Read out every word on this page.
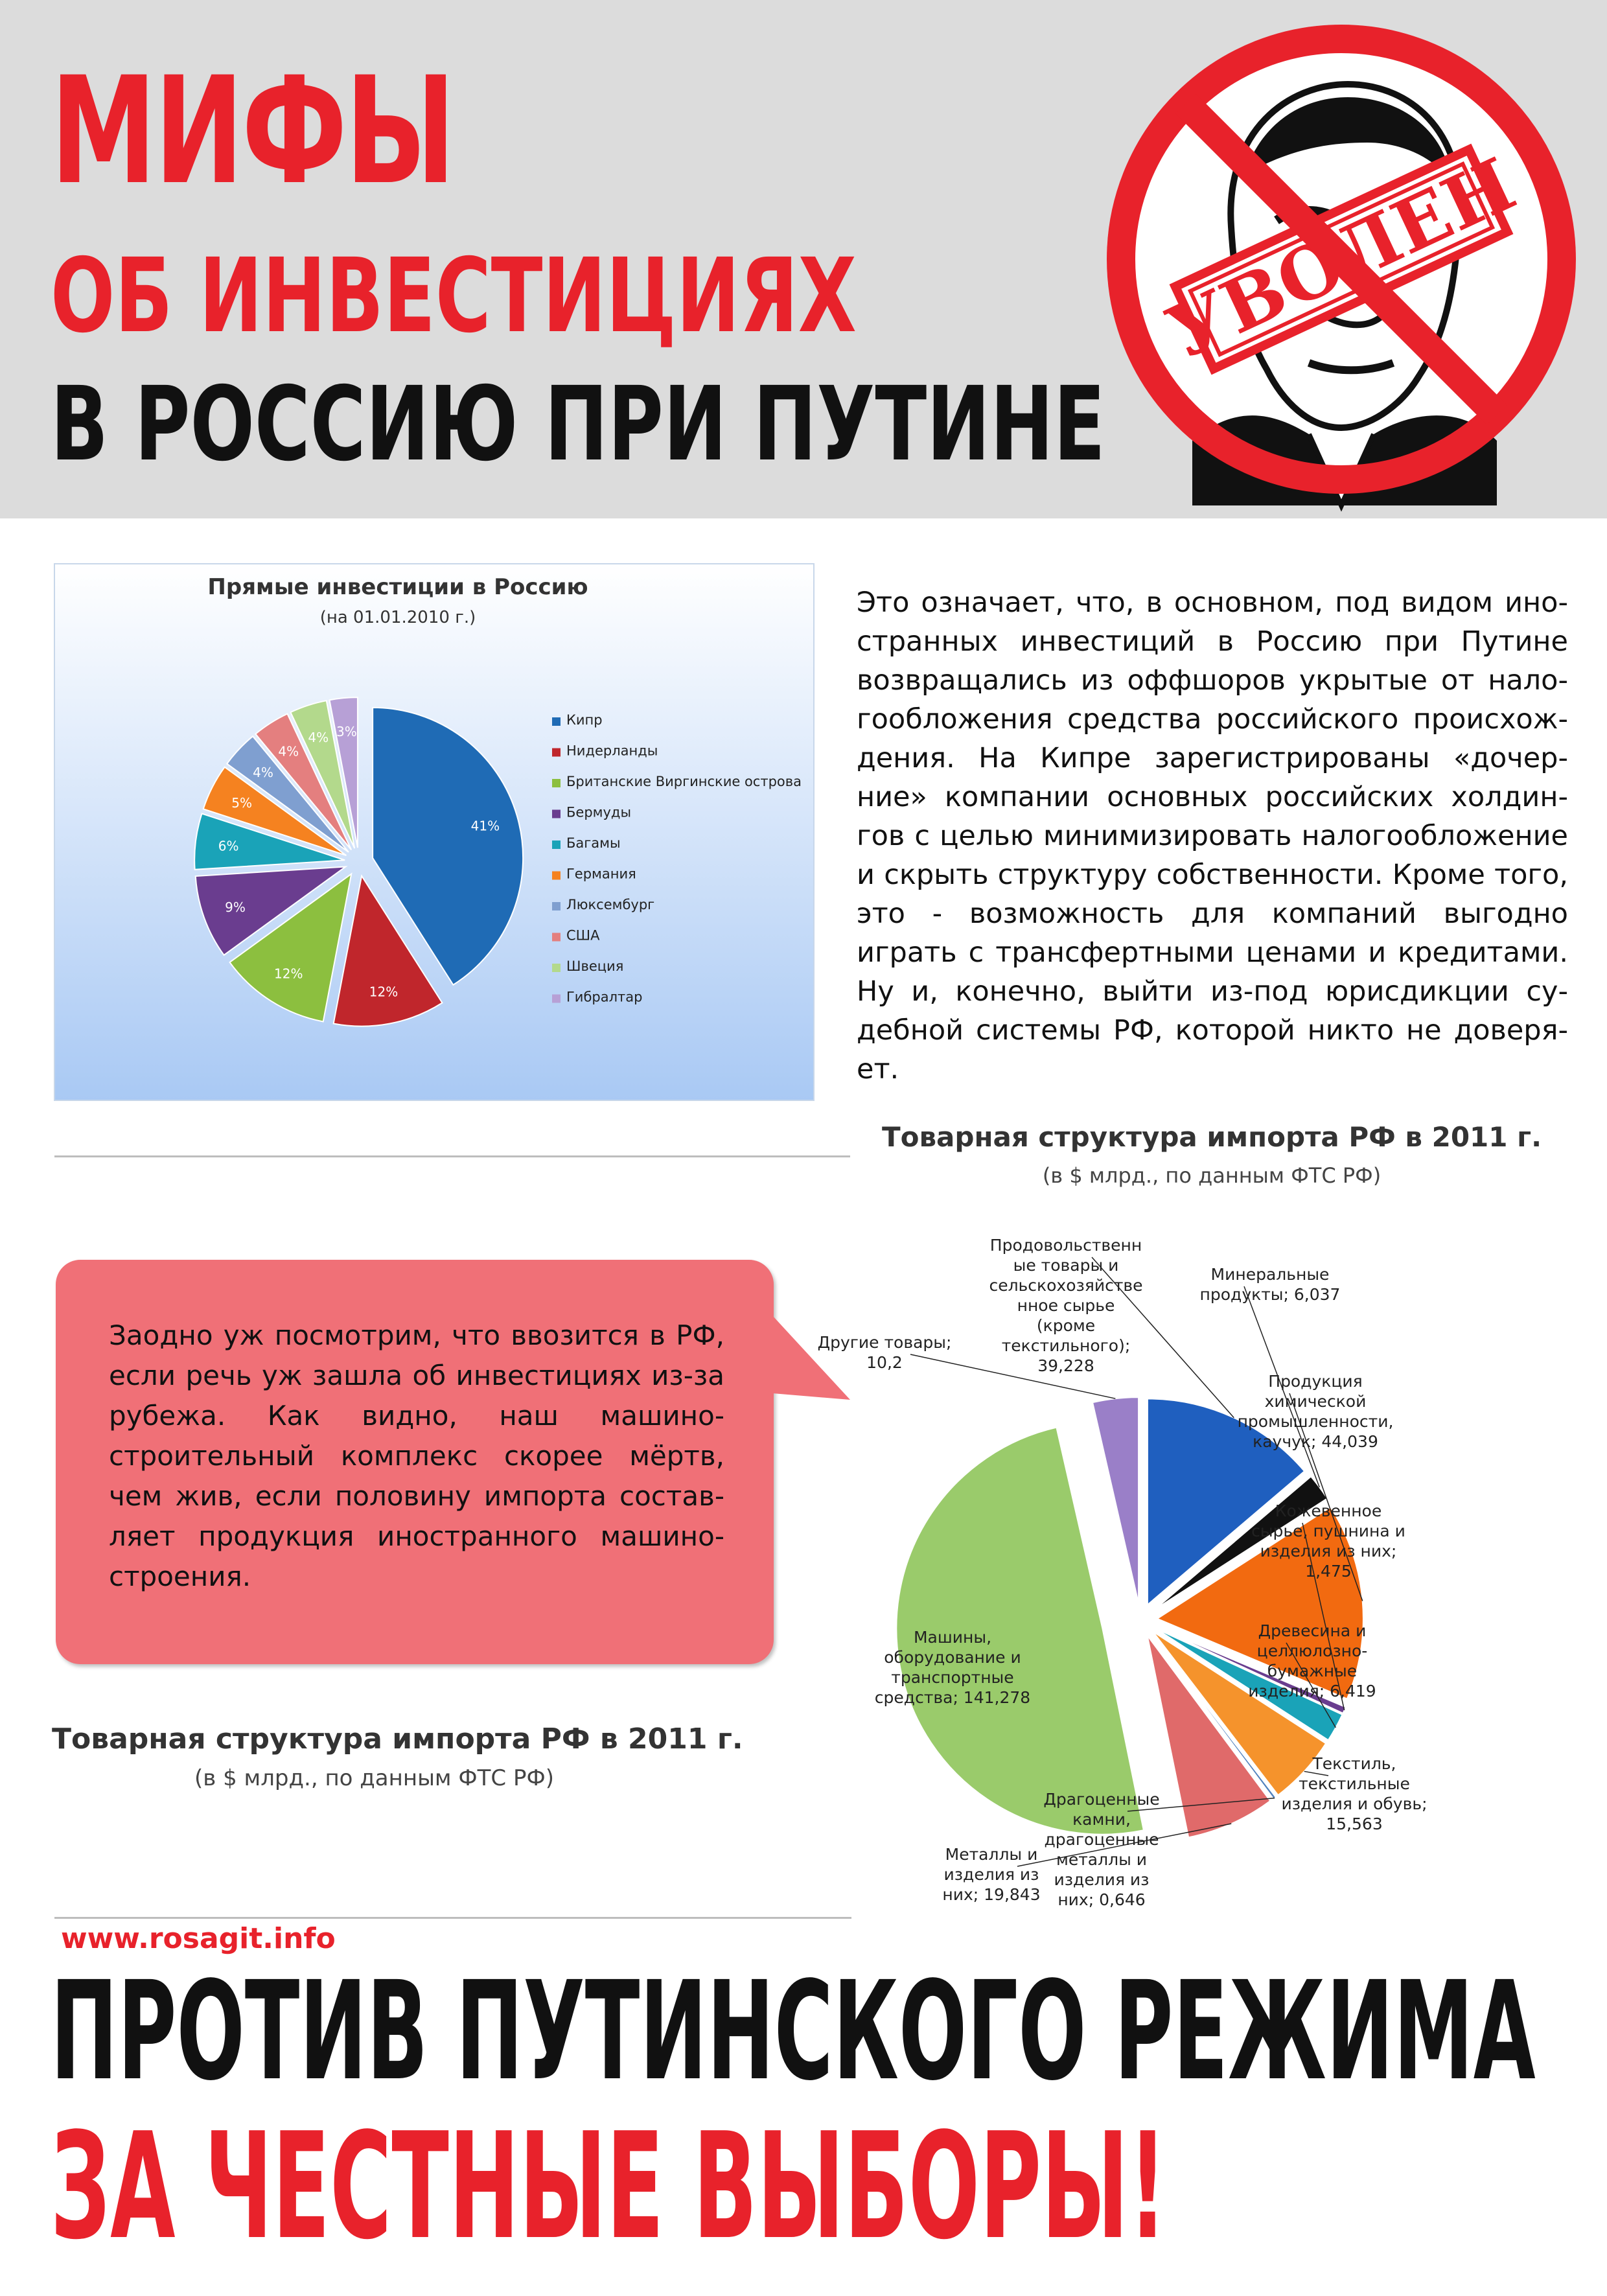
МИФЫ
ОБ ИНВЕСТИЦИЯХ
В РОССИЮ ПРИ ПУТИНЕ
Прямые инвестиции в Россию
(на 01.01.2010 г.)
41%
12%
12%
9%
6%
5%
4%
4%
4% 3%
Кипр
Нидерланды
Британские Виргинские острова
Бермуды
Багамы
Германия
Люксембург
США
Швеция
Гибралтар
Это означает, что, в основном, под видом иностранных инвестиций в Россию при Путине возвращались из оффшоров укрытые от налогообложения средства российского происхождения. На Кипре зарегистрированы «дочерние» компании основных российских холдингов с целью минимизировать налогообложение и скрыть структуру собственности. Кроме того, это - возможность для компаний выгодно играть с трансфертными ценами и кредитами. Ну и, конечно, выйти из-под юрисдикции судебной системы РФ, которой никто не доверяет.
Товарная структура импорта РФ в 2011 г.
(в $ млрд., по данным ФТС РФ)
Заодно уж посмотрим, что ввозится в РФ, если речь уж зашла об инвестициях из-за рубежа. Как видно, наш машиностроительный комплекс скорее мёртв, чем жив, если половину импорта составляет продукция иностранного машиностроения.
Товарная структура импорта РФ в 2011 г.
(в $ млрд., по данным ФТС РФ)
Продовольственн ые товары и сельскохозяйстве нное сырье (кроме текстильного); 39,228
Минеральные продукты; 6,037
Продукция химической промышленности, каучук; 44,039
Кожевенное сырье, пушнина и изделия из них; 1,475
Древесина и целлюлозно-бумажные изделия; 6,419
Текстиль, текстильные изделия и обувь; 15,563
Драгоценные камни, драгоценные металлы и изделия из них; 0,646
Металлы и изделия из них; 19,843
Машины, оборудование и транспортные средства; 141,278
Другие товары; 10,2
www.rosagit.info
ПРОТИВ ПУТИНСКОГО РЕЖИМА
ЗА ЧЕСТНЫЕ ВЫБОРЫ!
